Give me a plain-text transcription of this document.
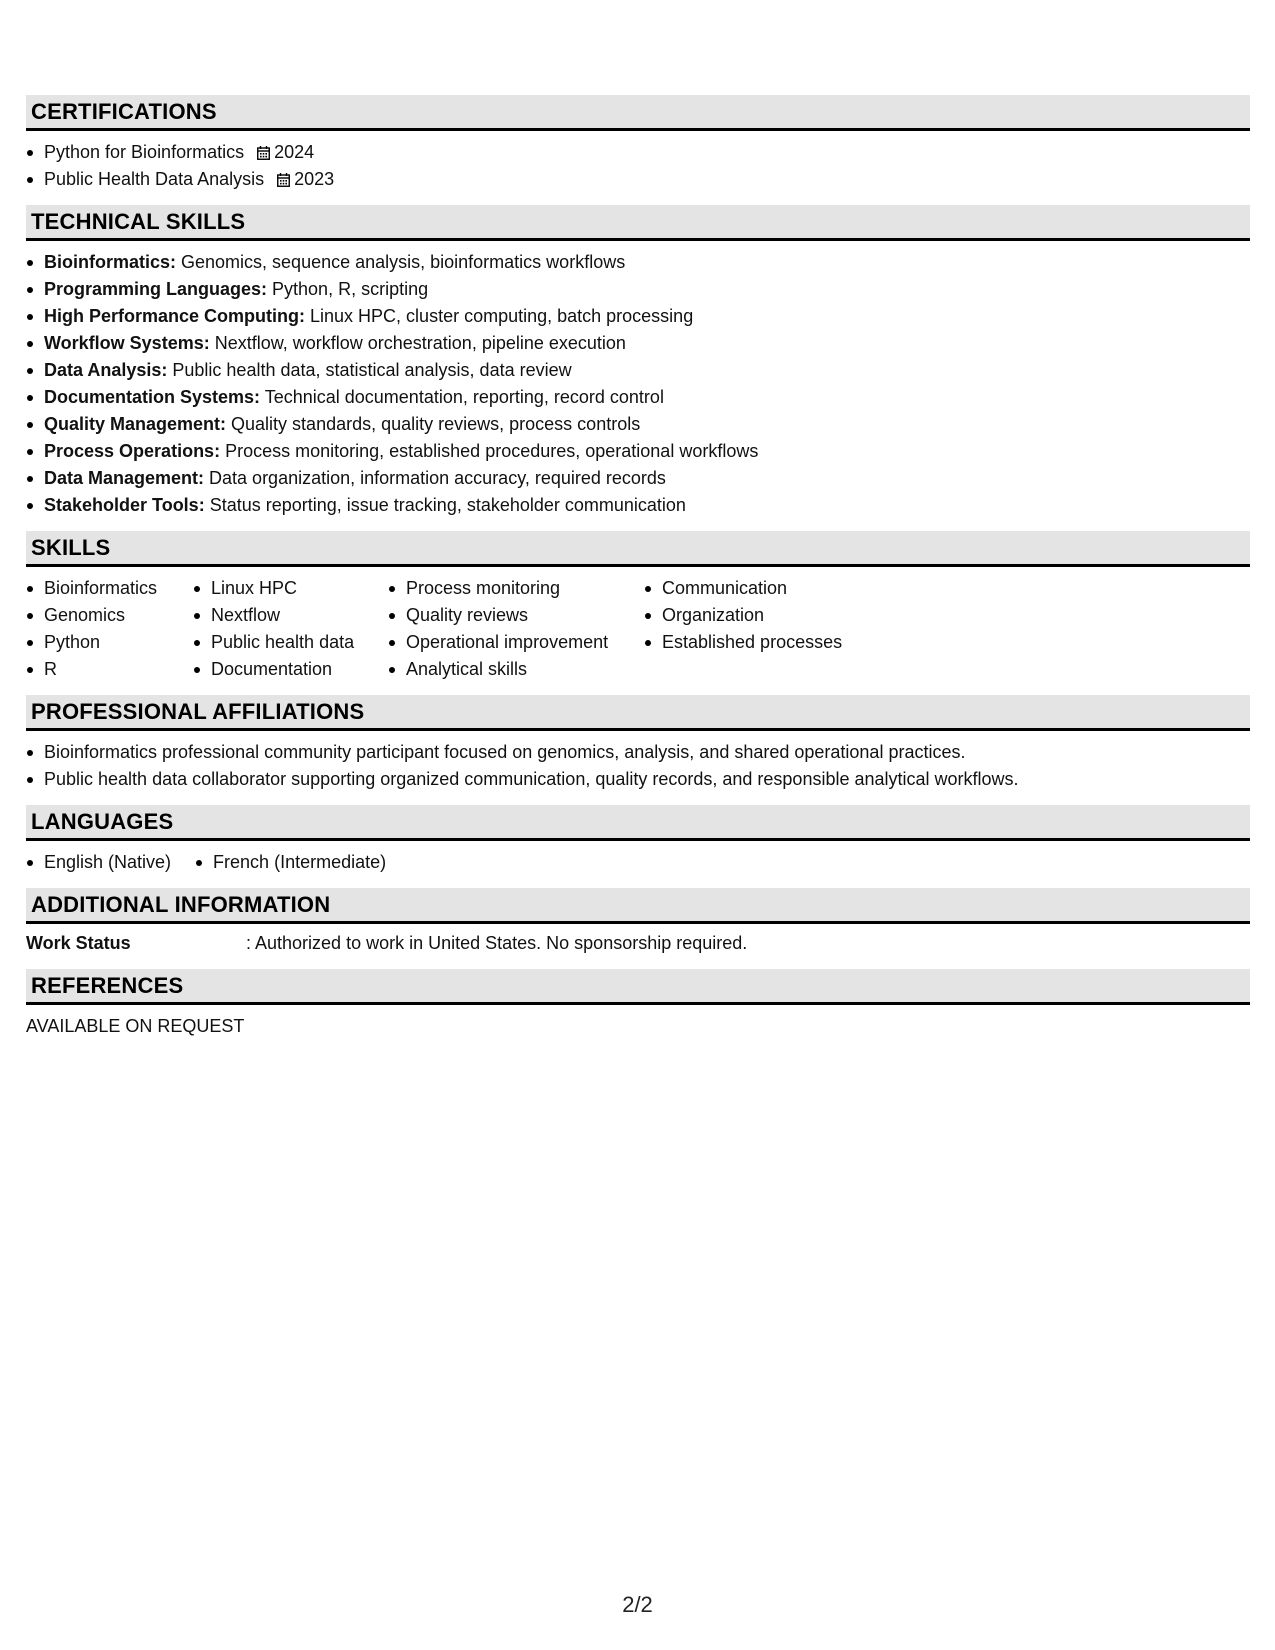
CERTIFICATIONS
Python for Bioinformatics 2024
Public Health Data Analysis 2023
TECHNICAL SKILLS
Bioinformatics: Genomics, sequence analysis, bioinformatics workflows
Programming Languages: Python, R, scripting
High Performance Computing: Linux HPC, cluster computing, batch processing
Workflow Systems: Nextflow, workflow orchestration, pipeline execution
Data Analysis: Public health data, statistical analysis, data review
Documentation Systems: Technical documentation, reporting, record control
Quality Management: Quality standards, quality reviews, process controls
Process Operations: Process monitoring, established procedures, operational workflows
Data Management: Data organization, information accuracy, required records
Stakeholder Tools: Status reporting, issue tracking, stakeholder communication
SKILLS
Bioinformatics
Genomics
Python
R
Linux HPC
Nextflow
Public health data
Documentation
Process monitoring
Quality reviews
Operational improvement
Analytical skills
Communication
Organization
Established processes
PROFESSIONAL AFFILIATIONS
Bioinformatics professional community participant focused on genomics, analysis, and shared operational practices.
Public health data collaborator supporting organized communication, quality records, and responsible analytical workflows.
LANGUAGES
English (Native)	French (Intermediate)
ADDITIONAL INFORMATION
Work Status	: Authorized to work in United States. No sponsorship required.
REFERENCES
AVAILABLE ON REQUEST
2/2
